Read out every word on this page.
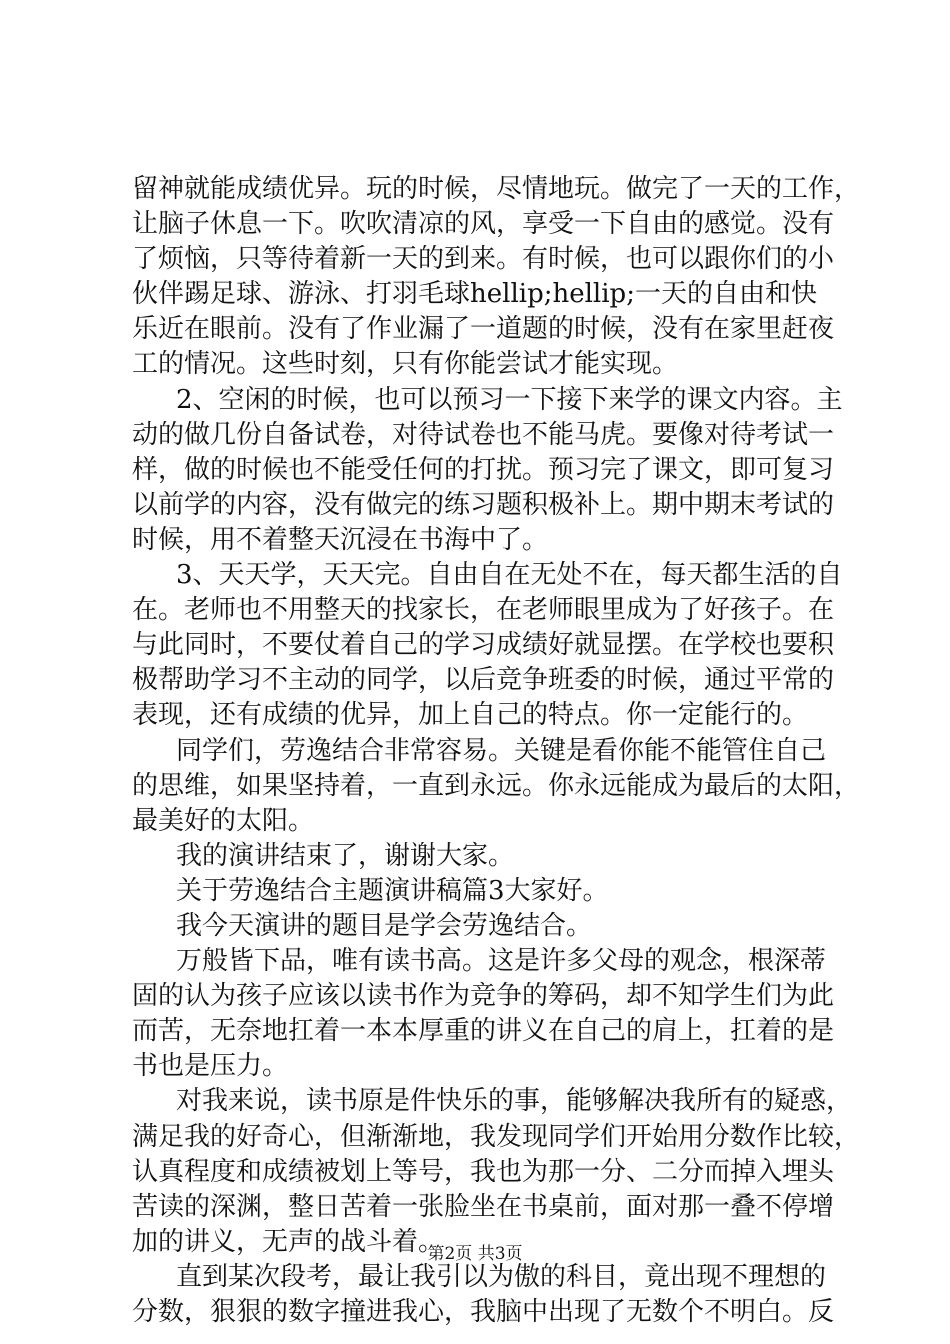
留神就能成绩优异。玩的时候，尽情地玩。做完了一天的工作，
让脑子休息一下。吹吹清凉的风，享受一下自由的感觉。没有
了烦恼，只等待着新一天的到来。有时候，也可以跟你们的小
伙伴踢足球、游泳、打羽毛球hellip;hellip;一天的自由和快
乐近在眼前。没有了作业漏了一道题的时候，没有在家里赶夜
工的情况。这些时刻，只有你能尝试才能实现。
2、空闲的时候，也可以预习一下接下来学的课文内容。主
动的做几份自备试卷，对待试卷也不能马虎。要像对待考试一
样，做的时候也不能受任何的打扰。预习完了课文，即可复习
以前学的内容，没有做完的练习题积极补上。期中期末考试的
时候，用不着整天沉浸在书海中了。
3、天天学，天天完。自由自在无处不在，每天都生活的自
在。老师也不用整天的找家长，在老师眼里成为了好孩子。在
与此同时，不要仗着自己的学习成绩好就显摆。在学校也要积
极帮助学习不主动的同学，以后竞争班委的时候，通过平常的
表现，还有成绩的优异，加上自己的特点。你一定能行的。
同学们，劳逸结合非常容易。关键是看你能不能管住自己
的思维，如果坚持着，一直到永远。你永远能成为最后的太阳，
最美好的太阳。
我的演讲结束了，谢谢大家。
关于劳逸结合主题演讲稿篇3大家好。
我今天演讲的题目是学会劳逸结合。
万般皆下品，唯有读书高。这是许多父母的观念，根深蒂
固的认为孩子应该以读书作为竞争的筹码，却不知学生们为此
而苦，无奈地扛着一本本厚重的讲义在自己的肩上，扛着的是
书也是压力。
对我来说，读书原是件快乐的事，能够解决我所有的疑惑，
满足我的好奇心，但渐渐地，我发现同学们开始用分数作比较，
认真程度和成绩被划上等号，我也为那一分、二分而掉入埋头
苦读的深渊，整日苦着一张脸坐在书桌前，面对那一叠不停增
加的讲义，无声的战斗着。
直到某次段考，最让我引以为傲的科目，竟出现不理想的
分数，狠狠的数字撞进我心，我脑中出现了无数个不明白。反
第2页 共3页
